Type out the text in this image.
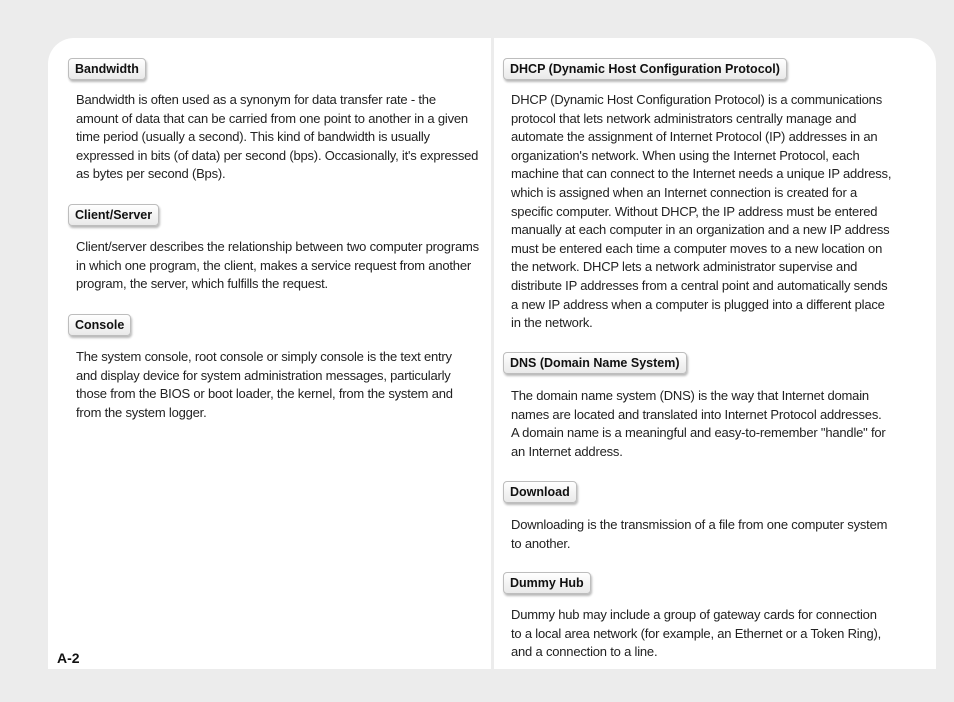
Bandwidth
Bandwidth is often used as a synonym for data transfer rate - the amount of data that can be carried from one point to another in a given time period (usually a second). This kind of bandwidth is usually expressed in bits (of data) per second (bps). Occasionally, it's expressed as bytes per second (Bps).
Client/Server
Client/server describes the relationship between two computer programs in which one program, the client, makes a service request from another program, the server, which fulfills the request.
Console
The system console, root console or simply console is the text entry and display device for system administration messages, particularly those from the BIOS or boot loader, the kernel, from the system and from the system logger.
DHCP (Dynamic Host Configuration Protocol)
DHCP (Dynamic Host Configuration Protocol) is a communications protocol that lets network administrators centrally manage and automate the assignment of Internet Protocol (IP) addresses in an organization's network. When using the Internet Protocol, each machine that can connect to the Internet needs a unique IP address, which is assigned when an Internet connection is created for a specific computer. Without DHCP, the IP address must be entered manually at each computer in an organization and a new IP address must be entered each time a computer moves to a new location on the network. DHCP lets a network administrator supervise and distribute IP addresses from a central point and automatically sends a new IP address when a computer is plugged into a different place in the network.
DNS (Domain Name System)
The domain name system (DNS) is the way that Internet domain names are located and translated into Internet Protocol addresses. A domain name is a meaningful and easy-to-remember "handle" for an Internet address.
Download
Downloading is the transmission of a file from one computer system to another.
Dummy Hub
Dummy hub may include a group of gateway cards for connection to a local area network (for example, an Ethernet or a Token Ring), and a connection to a line.
A-2
